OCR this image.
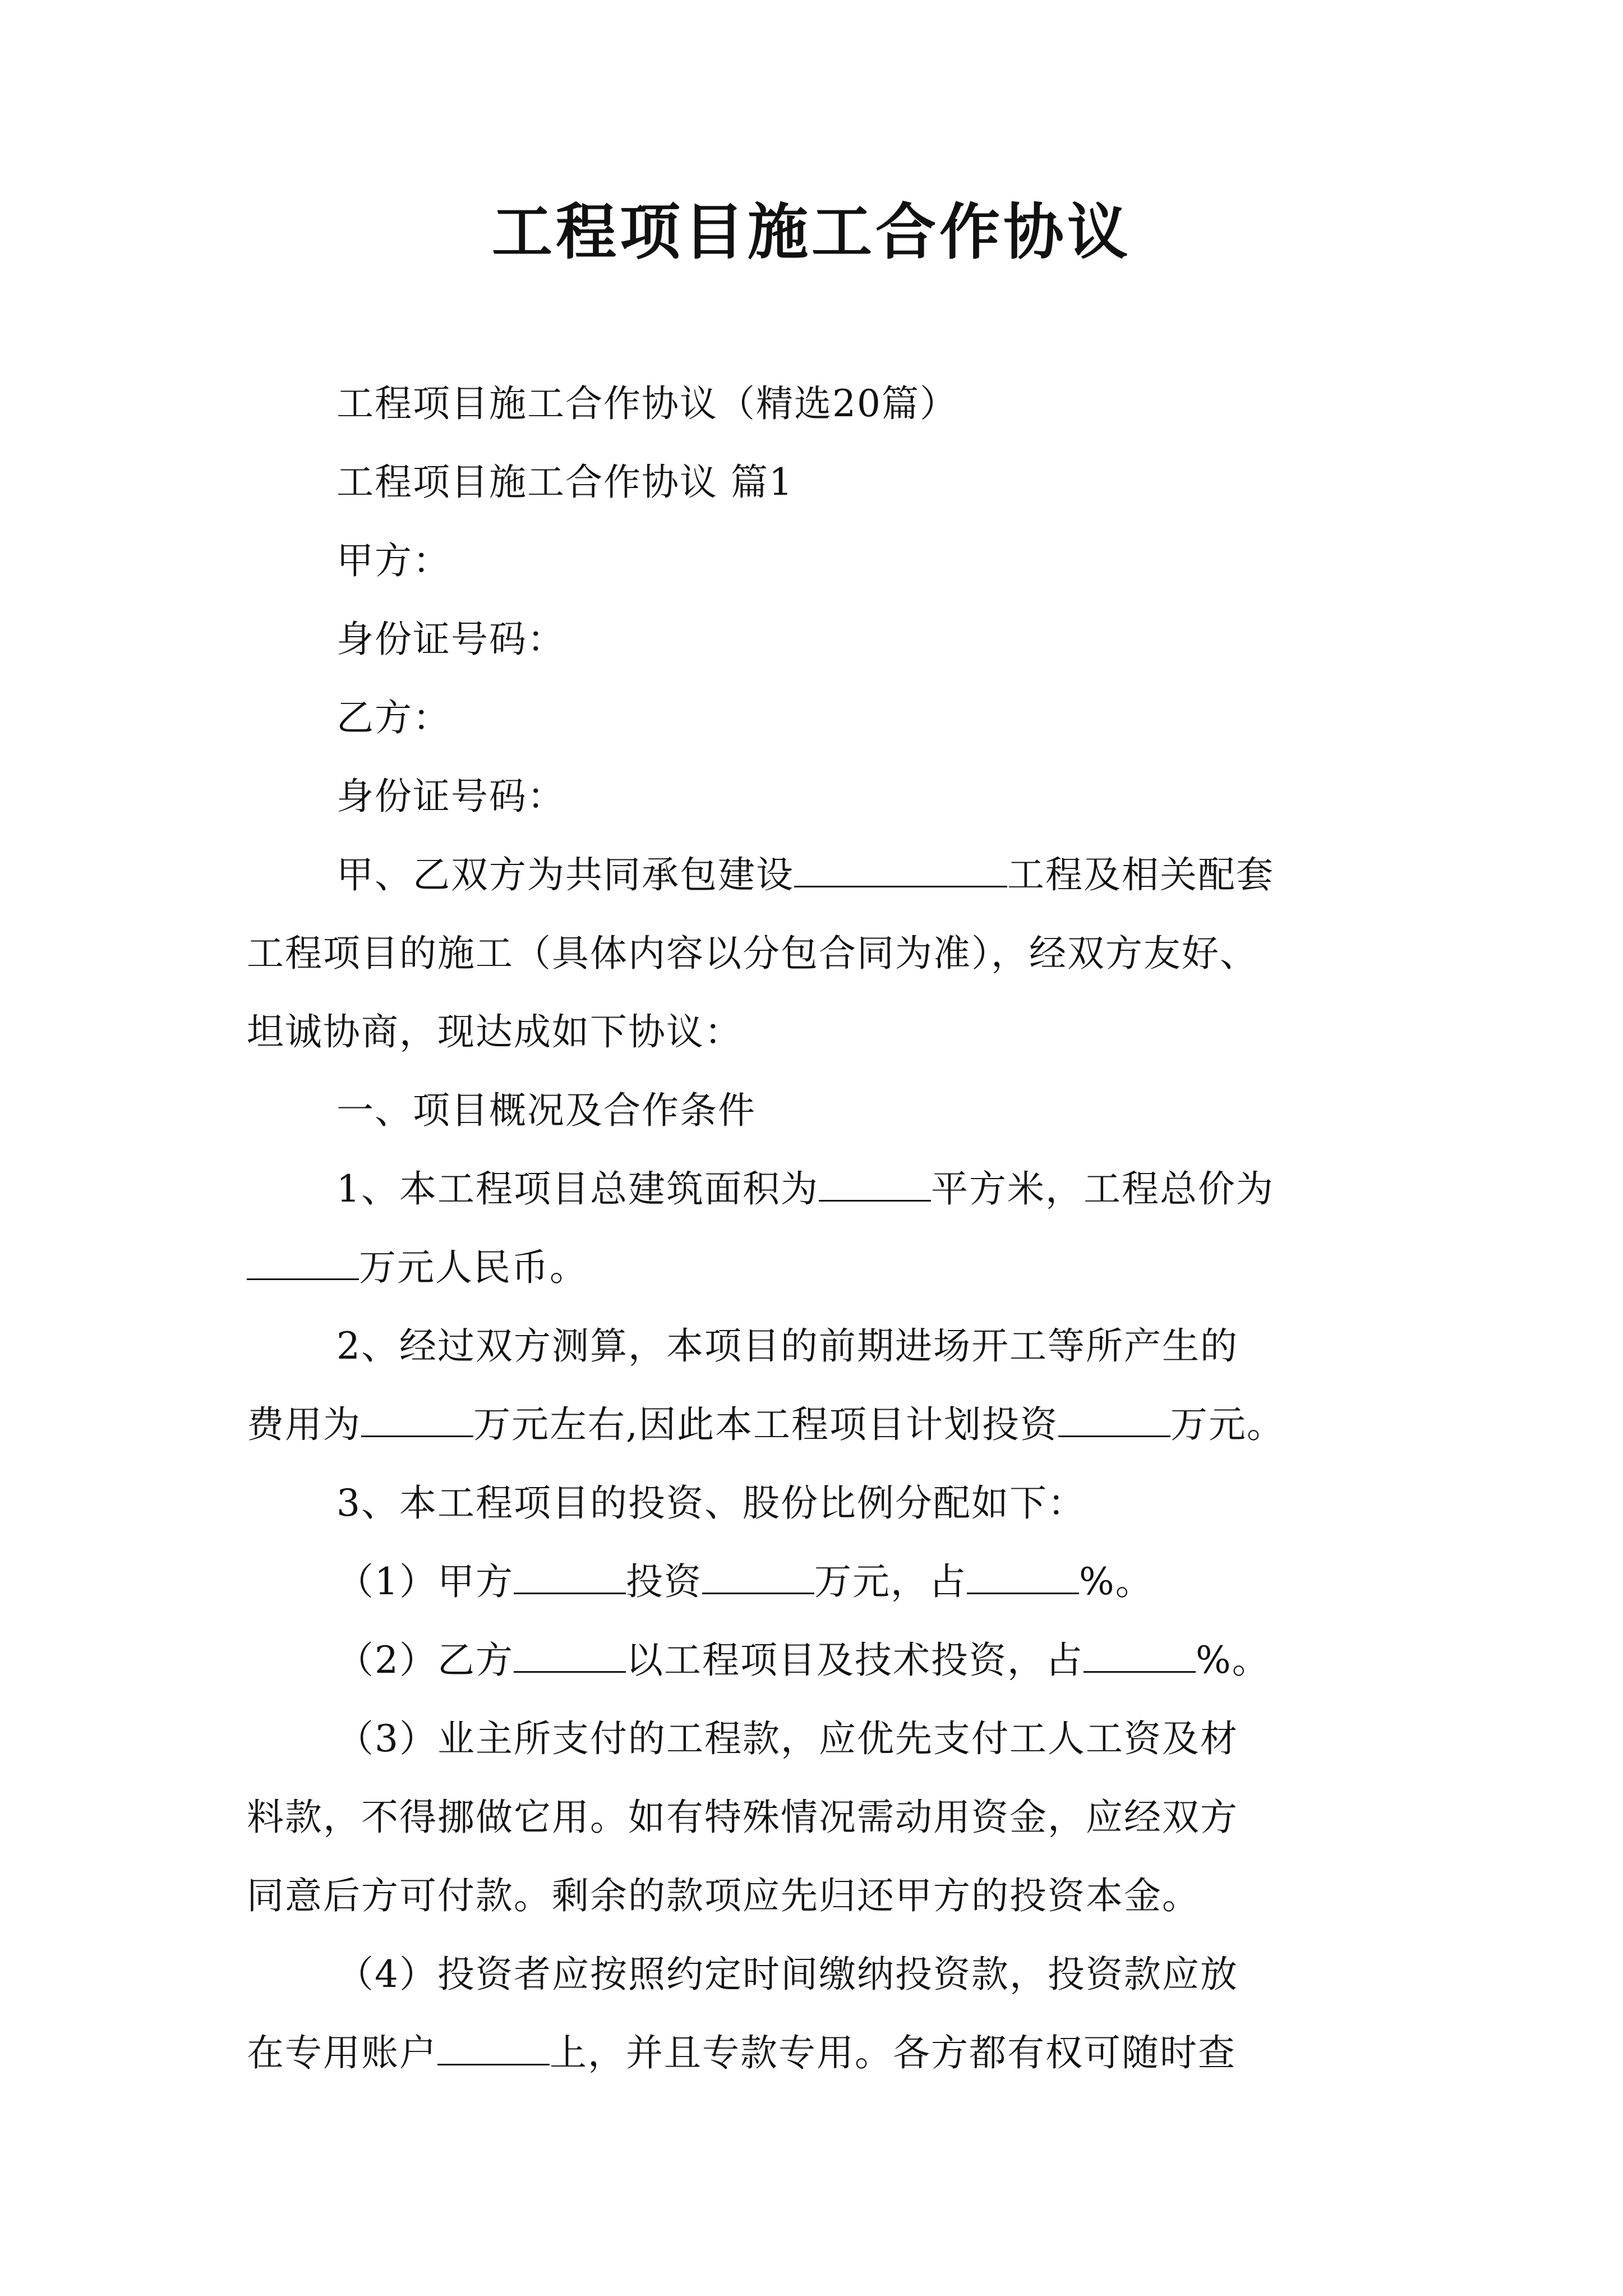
工程项目施工合作协议
工程项目施工合作协议（精选20篇）
工程项目施工合作协议 篇1
甲方：
身份证号码：
乙方：
身份证号码：
甲、乙双方为共同承包建设	工程及相关配套
工程项目的施工（具体内容以分包合同为准），经双方友好、
坦诚协商，现达成如下协议：
一、项目概况及合作条件
1、本工程项目总建筑面积为	平方米，工程总价为
万元人民币。
2、经过双方测算，本项目的前期进场开工等所产生的
费用为	万元左右,因此本工程项目计划投资	万元。
3、本工程项目的投资、股份比例分配如下：
（1）甲方	投资	万元，占	%。
（2）乙方	以工程项目及技术投资，占	%。
（3）业主所支付的工程款，应优先支付工人工资及材
料款，不得挪做它用。如有特殊情况需动用资金，应经双方
同意后方可付款。剩余的款项应先归还甲方的投资本金。
（4）投资者应按照约定时间缴纳投资款，投资款应放
在专用账户	上，并且专款专用。各方都有权可随时查
